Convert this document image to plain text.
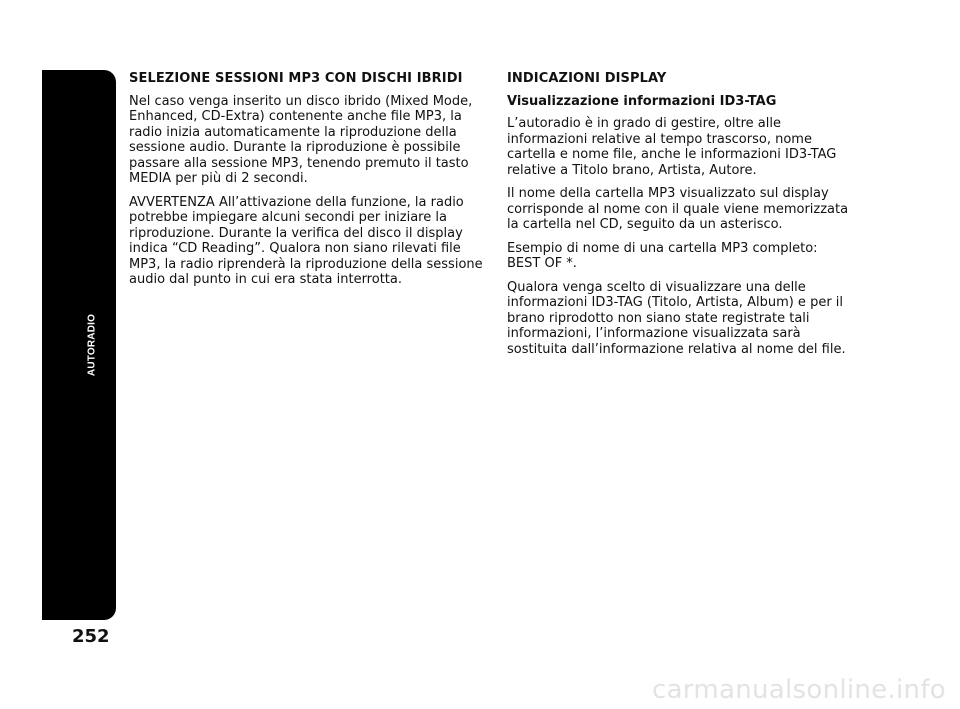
AUTORADIO
252
SELEZIONE SESSIONI MP3 CON DISCHI IBRIDI

Nel caso venga inserito un disco ibrido (Mixed Mode, Enhanced, CD-Extra) contenente anche file MP3, la radio inizia automaticamente la riproduzione della sessione audio. Durante la riproduzione è possibile passare alla sessione MP3, tenendo premuto il tasto MEDIA per più di 2 secondi.

AVVERTENZA All’attivazione della funzione, la radio potrebbe impiegare alcuni secondi per iniziare la riproduzione. Durante la verifica del disco il display indica “CD Reading”. Qualora non siano rilevati file MP3, la radio riprenderà la riproduzione della sessione audio dal punto in cui era stata interrotta.

INDICAZIONI DISPLAY
Visualizzazione informazioni ID3-TAG

L’autoradio è in grado di gestire, oltre alle informazioni relative al tempo trascorso, nome cartella e nome file, anche le informazioni ID3-TAG relative a Titolo brano, Artista, Autore.

Il nome della cartella MP3 visualizzato sul display corrisponde al nome con il quale viene memorizzata la cartella nel CD, seguito da un asterisco.

Esempio di nome di una cartella MP3 completo: BEST OF *.

Qualora venga scelto di visualizzare una delle informazioni ID3-TAG (Titolo, Artista, Album) e per il brano riprodotto non siano state registrate tali informazioni, l’informazione visualizzata sarà sostituita dall’informazione relativa al nome del file.

carmanualsonline.info
